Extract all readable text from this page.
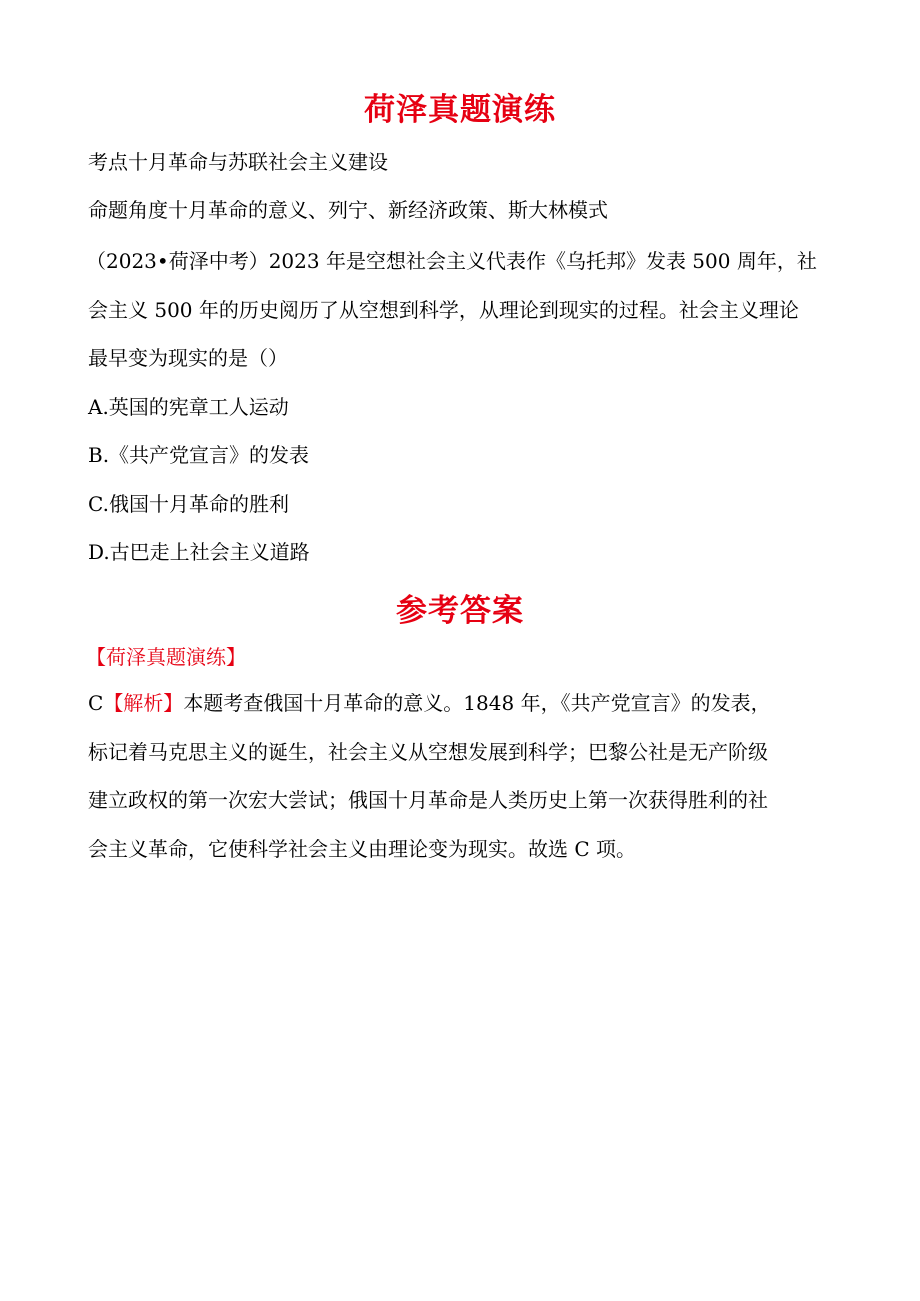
荷泽真题演练
考点十月革命与苏联社会主义建设
命题角度十月革命的意义、列宁、新经济政策、斯大林模式
（2023•荷泽中考）2023 年是空想社会主义代表作《乌托邦》发表 500 周年，社
会主义 500 年的历史阅历了从空想到科学，从理论到现实的过程。社会主义理论
最早变为现实的是（）
A.英国的宪章工人运动
B.《共产党宣言》的发表
C.俄国十月革命的胜利
D.古巴走上社会主义道路
参考答案
【荷泽真题演练】
C【解析】本题考查俄国十月革命的意义。1848 年，《共产党宣言》的发表，
标记着马克思主义的诞生，社会主义从空想发展到科学；巴黎公社是无产阶级
建立政权的第一次宏大尝试；俄国十月革命是人类历史上第一次获得胜利的社
会主义革命，它使科学社会主义由理论变为现实。故选 C 项。
